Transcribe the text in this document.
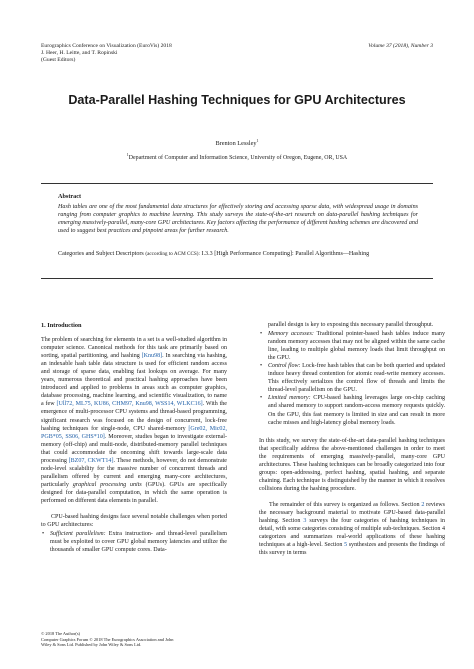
Eurographics Conference on Visualization (EuroVis) 2018
J. Heer, H. Leitte, and T. Ropinski
(Guest Editors)
Volume 37 (2018), Number 3
Data-Parallel Hashing Techniques for GPU Architectures
Brenton Lessley$^1$
$^1$Department of Computer and Information Science, University of Oregon, Eugene, OR, USA
Abstract
Hash tables are one of the most fundamental data structures for effectively storing and accessing sparse data, with widespread usage in domains ranging from computer graphics to machine learning. This study surveys the state-of-the-art research on data-parallel hashing techniques for emerging massively-parallel, many-core GPU architectures. Key factors affecting the performance of different hashing schemes are discovered and used to suggest best practices and pinpoint areas for further research.
Categories and Subject Descriptors (according to ACM CCS): I.3.3 [High Performance Computing]: Parallel Algorithms—Hashing
1. Introduction

The problem of searching for elements in a set is a well-studied algorithm in computer science. Canonical methods for this task are primarily based on sorting, spatial partitioning, and hashing [Knu98]. In searching via hashing, an indexable hash table data structure is used for efficient random access and storage of sparse data, enabling fast lookups on average. For many years, numerous theoretical and practical hashing approaches have been introduced and applied to problems in areas such as computer graphics, database processing, machine learning, and scientific visualization, to name a few [Ull72, ML75, KU86, CHM97, Knu98, WSS14, WLKC16]. With the emergence of multi-processor CPU systems and thread-based programming, significant research was focused on the design of concurrent, lock-free hashing techniques for single-node, CPU shared-memory [Gre02, Mic02, PGB*05, SS06, GHS*10]. Moreover, studies began to investigate external-memory (off-chip) and multi-node, distributed-memory parallel techniques that could accommodate the oncoming shift towards large-scale data processing [BZ07, CKWT14]. These methods, however, do not demonstrate node-level scalability for the massive number of concurrent threads and parallelism offered by current and emerging many-core architectures, particularly graphical processing units (GPUs). GPUs are specifically designed for data-parallel computation, in which the same operation is performed on different data elements in parallel.

CPU-based hashing designs face several notable challenges when ported to GPU architectures:

• Sufficient parallelism: Extra instruction- and thread-level parallelism must be exploited to cover GPU global memory latencies and utilize the thousands of smaller GPU compute cores. Data-

parallel design is key to exposing this necessary parallel throughput.

• Memory accesses: Traditional pointer-based hash tables induce many random memory accesses that may not be aligned within the same cache line, leading to multiple global memory loads that limit throughput on the GPU.
• Control flow: Lock-free hash tables that can be both queried and updated induce heavy thread contention for atomic read-write memory accesses. This effectively serializes the control flow of threads and limits the thread-level parallelism on the GPU.
• Limited memory: CPU-based hashing leverages large on-chip caching and shared memory to support random-access memory requests quickly. On the GPU, this fast memory is limited in size and can result in more cache misses and high-latency global memory loads.

In this study, we survey the state-of-the-art data-parallel hashing techniques that specifically address the above-mentioned challenges in order to meet the requirements of emerging massively-parallel, many-core GPU architectures. These hashing techniques can be broadly categorized into four groups: open-addressing, perfect hashing, spatial hashing, and separate chaining. Each technique is distinguished by the manner in which it resolves collisions during the hashing procedure.

The remainder of this survey is organized as follows. Section 2 reviews the necessary background material to motivate GPU-based data-parallel hashing. Section 3 surveys the four categories of hashing techniques in detail, with some categories consisting of multiple sub-techniques. Section 4 categorizes and summarizes real-world applications of these hashing techniques at a high-level. Section 5 synthesizes and presents the findings of this survey in terms

© 2018 The Author(s)
Computer Graphics Forum © 2018 The Eurographics Association and John
Wiley & Sons Ltd. Published by John Wiley & Sons Ltd.
